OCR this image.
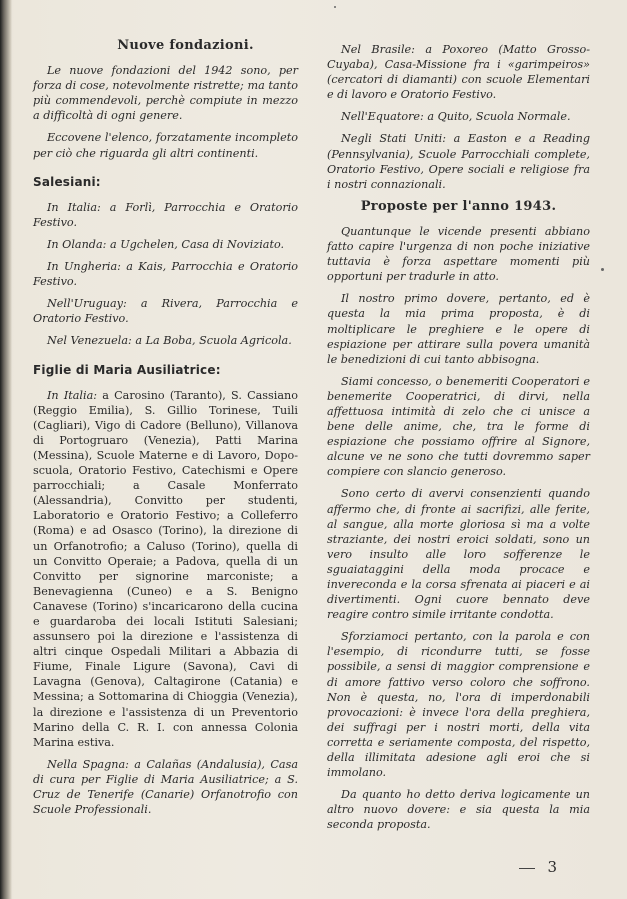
Nuove fondazioni.

Le nuove fondazioni del 1942 sono, per forza di cose, notevolmente ristrette; ma tanto più commendevoli, perchè compiute in mezzo a difficoltà di ogni genere.

Eccovene l'elenco, forzatamente incompleto per ciò che riguarda gli altri continenti.

Salesiani:

In Italia: a Forlì, Parrocchia e Oratorio Festivo.

In Olanda: a Ugchelen, Casa di Noviziato.

In Ungheria: a Kais, Parrocchia e Oratorio Festivo.

Nell'Uruguay: a Rivera, Parrocchia e Oratorio Festivo.

Nel Venezuela: a La Boba, Scuola Agricola.

Figlie di Maria Ausiliatrice:

In Italia: a Carosino (Taranto), S. Cassiano (Reggio Emilia), S. Gillio Torinese, Tuili (Cagliari), Vigo di Cadore (Belluno), Villanova di Portogruaro (Venezia), Patti Marina (Messina), Scuole Materne e di Lavoro, Dopo-scuola, Oratorio Festivo, Catechismi e Opere parrocchiali; a Casale Monferrato (Alessandria), Convitto per studenti, Laboratorio e Oratorio Festivo; a Colleferro (Roma) e ad Osasco (Torino), la direzione di un Orfanotrofio; a Caluso (Torino), quella di un Convitto Operaie; a Padova, quella di un Convitto per signorine marconiste; a Benevagienna (Cuneo) e a S. Benigno Canavese (Torino) s'incaricarono della cucina e guardaroba dei locali Istituti Salesiani; assunsero poi la direzione e l'assistenza di altri cinque Ospedali Militari a Abbazia di Fiume, Finale Ligure (Savona), Cavi di Lavagna (Genova), Caltagirone (Catania) e Messina; a Sottomarina di Chioggia (Venezia), la direzione e l'assistenza di un Preventorio Marino della C. R. I. con annessa Colonia Marina estiva.

Nella Spagna: a Calañas (Andalusia), Casa di cura per Figlie di Maria Ausiliatrice; a S. Cruz de Tenerife (Canarie) Orfanotrofio con Scuole Professionali.

Nel Brasile: a Poxoreo (Matto Grosso-Cuyaba), Casa-Missione fra i «garimpeiros» (cercatori di diamanti) con scuole Elementari e di lavoro e Oratorio Festivo.

Nell'Equatore: a Quito, Scuola Normale.

Negli Stati Uniti: a Easton e a Reading (Pennsylvania), Scuole Parrocchiali complete, Oratorio Festivo, Opere sociali e religiose fra i nostri connazionali.

Proposte per l'anno 1943.

Quantunque le vicende presenti abbiano fatto capire l'urgenza di non poche iniziative tuttavia è forza aspettare momenti più opportuni per tradurle in atto.

Il nostro primo dovere, pertanto, ed è questa la mia prima proposta, è di moltiplicare le preghiere e le opere di espiazione per attirare sulla povera umanità le benedizioni di cui tanto abbisogna.

Siami concesso, o benemeriti Cooperatori e benemerite Cooperatrici, di dirvi, nella affettuosa intimità di zelo che ci unisce a bene delle anime, che, tra le forme di espiazione che possiamo offrire al Signore, alcune ve ne sono che tutti dovremmo saper compiere con slancio generoso.

Sono certo di avervi consenzienti quando affermo che, di fronte ai sacrifizi, alle ferite, al sangue, alla morte gloriosa sì ma a volte straziante, dei nostri eroici soldati, sono un vero insulto alle loro sofferenze le sguaiataggini della moda procace e invereconda e la corsa sfrenata ai piaceri e ai divertimenti. Ogni cuore bennato deve reagire contro simile irritante condotta.

Sforziamoci pertanto, con la parola e con l'esempio, di ricondurre tutti, se fosse possibile, a sensi di maggior comprensione e di amore fattivo verso coloro che soffrono. Non è questa, no, l'ora di imperdonabili provocazioni: è invece l'ora della preghiera, dei suffragi per i nostri morti, della vita corretta e seriamente composta, del rispetto, della illimitata adesione agli eroi che si immolano.

Da quanto ho detto deriva logicamente un altro nuovo dovere: e sia questa la mia seconda proposta.

3
